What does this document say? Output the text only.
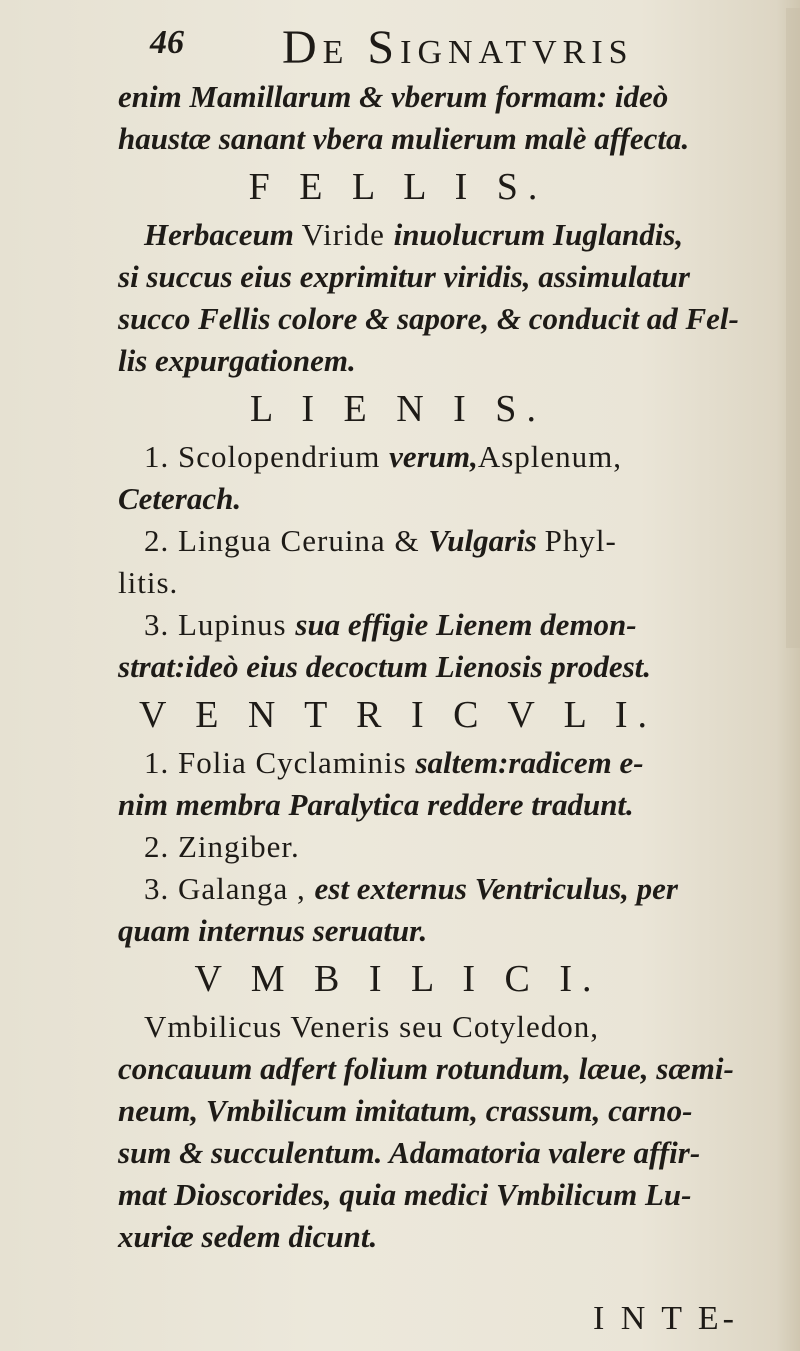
46 De Signatvris
enim Mamillarum & vberum formam: ideò
haustæ sanant vbera mulierum malè affecta.
F E L L I S.
Herbaceum Viride inuolucrum Iuglandis,
si succus eius exprimitur viridis, assimulatur
succo Fellis colore & sapore, & conducit ad Fel-
lis expurgationem.
L I E N I S.
1. Scolopendrium verum,Asplenum,
Ceterach.
2. Lingua Ceruina & Vulgaris Phyl-
litis.
3. Lupinus sua effigie Lienem demon-
strat:ideò eius decoctum Lienosis prodest.
V E N T R I C V L I.
1. Folia Cyclaminis saltem:radicem e-
nim membra Paralytica reddere tradunt.
2. Zingiber.
3. Galanga , est externus Ventriculus, per
quam internus seruatur.
V M B I L I C I.
Vmbilicus Veneris seu Cotyledon,
concauum adfert folium rotundum, læue, sæmi-
neum, Vmbilicum imitatum, crassum, carno-
sum & succulentum. Adamatoria valere affir-
mat Dioscorides, quia medici Vmbilicum Lu-
xuriæ sedem dicunt.
I N T E-
